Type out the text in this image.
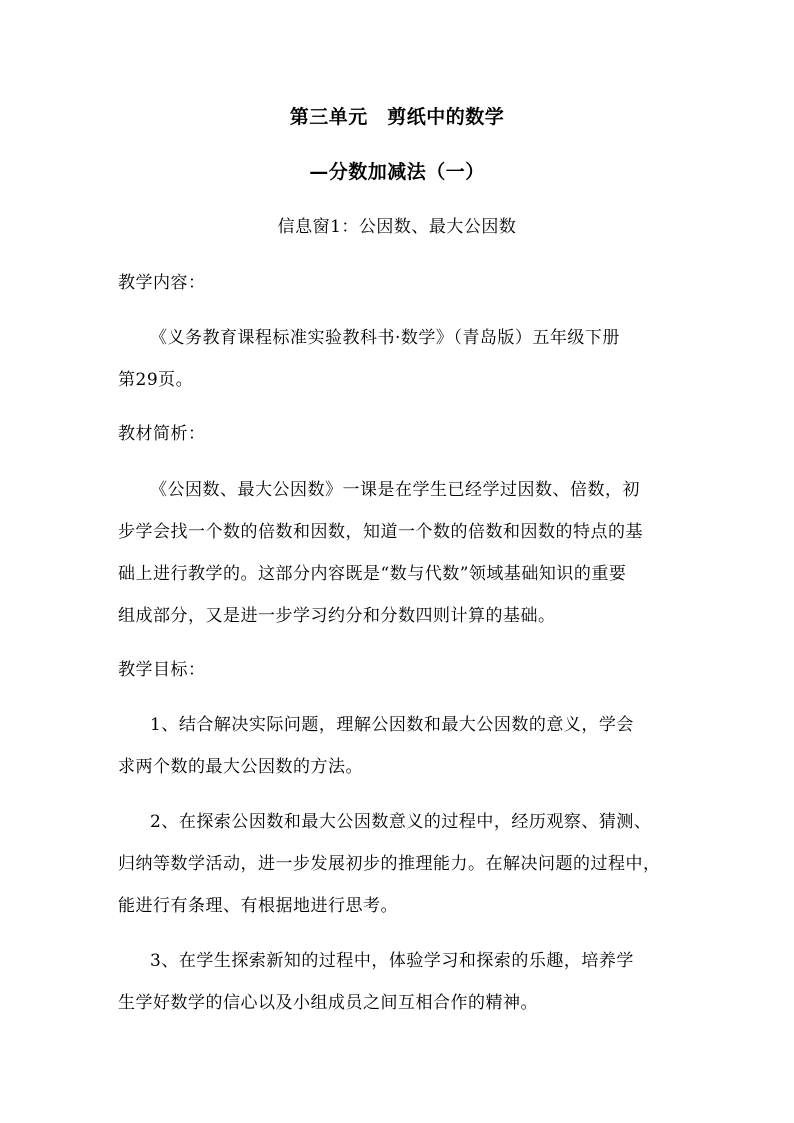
第三单元　剪纸中的数学
—分数加减法（一）
信息窗1：公因数、最大公因数
教学内容：
《义务教育课程标准实验教科书·数学》（青岛版）五年级下册
第29页。
教材简析：
《公因数、最大公因数》一课是在学生已经学过因数、倍数，初
步学会找一个数的倍数和因数，知道一个数的倍数和因数的特点的基
础上进行教学的。这部分内容既是“数与代数”领域基础知识的重要
组成部分，又是进一步学习约分和分数四则计算的基础。
教学目标：
1、结合解决实际问题，理解公因数和最大公因数的意义，学会
求两个数的最大公因数的方法。
2、在探索公因数和最大公因数意义的过程中，经历观察、猜测、
归纳等数学活动，进一步发展初步的推理能力。在解决问题的过程中，
能进行有条理、有根据地进行思考。
3、在学生探索新知的过程中，体验学习和探索的乐趣，培养学
生学好数学的信心以及小组成员之间互相合作的精神。
